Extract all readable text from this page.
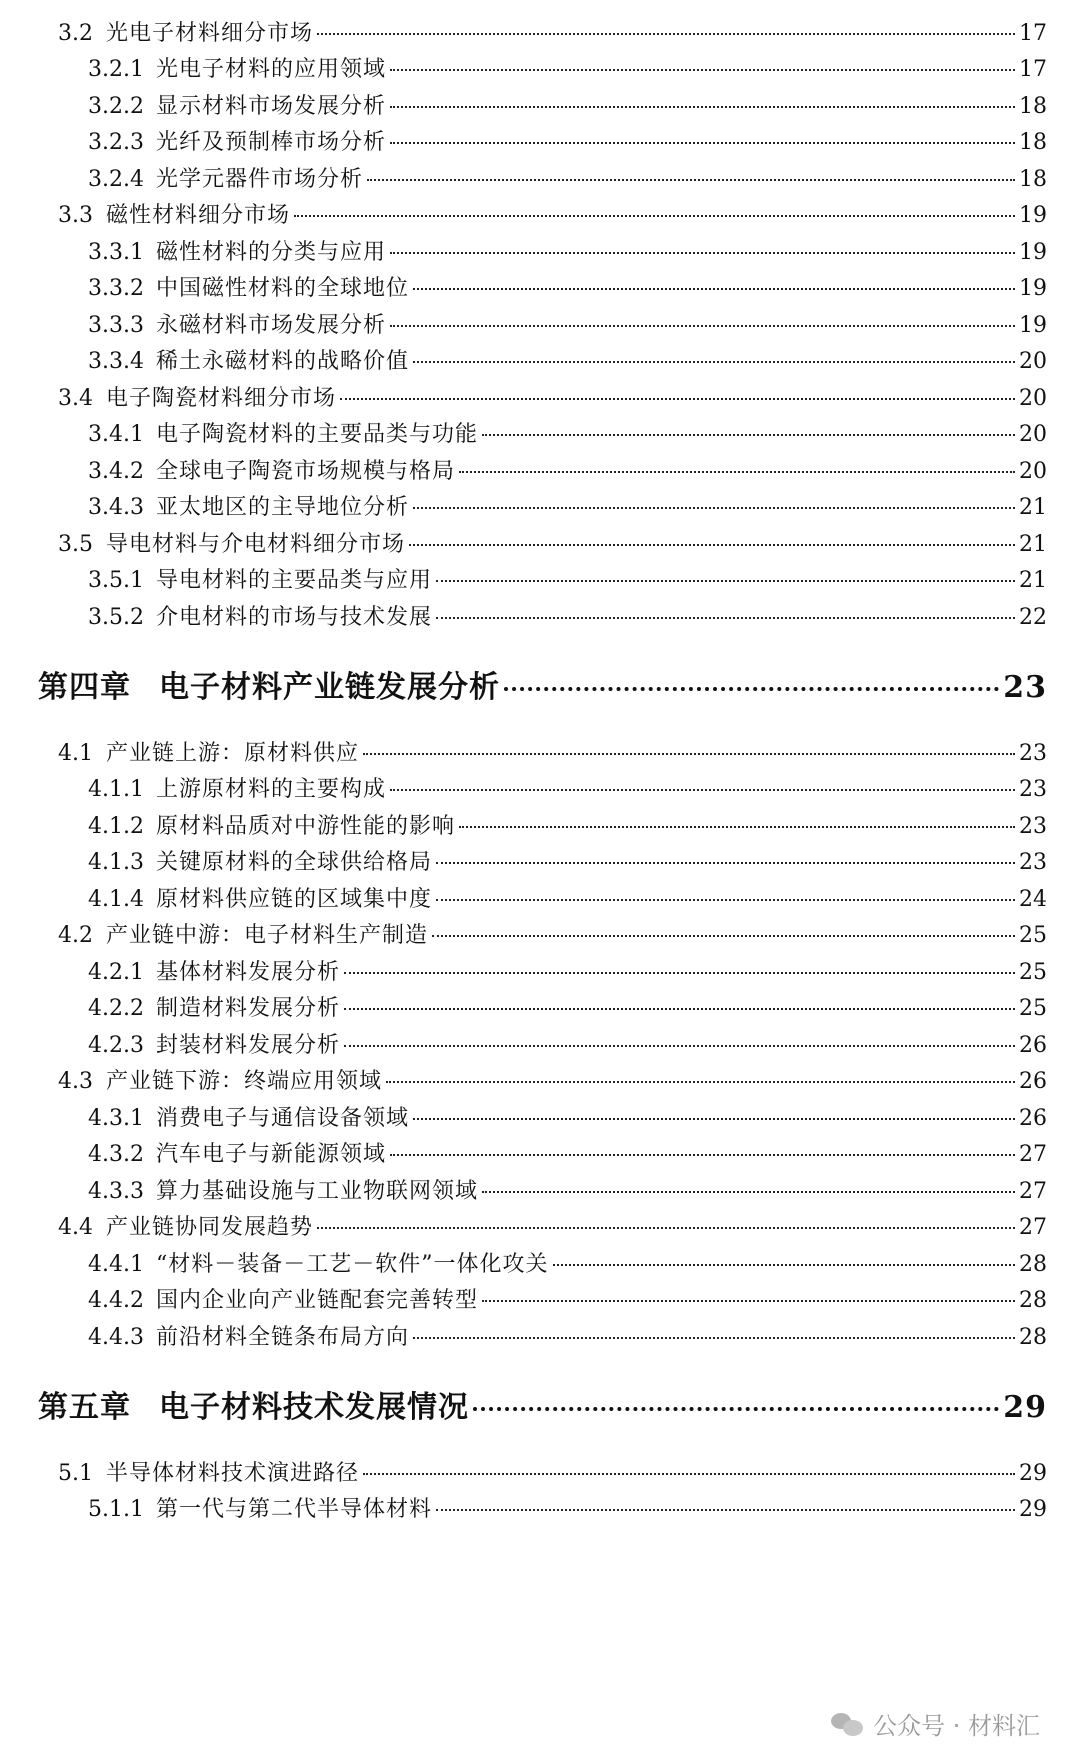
3.2 光电子材料细分市场	17
3.2.1 光电子材料的应用领域	17
3.2.2 显示材料市场发展分析	18
3.2.3 光纤及预制棒市场分析	18
3.2.4 光学元器件市场分析	18
3.3 磁性材料细分市场	19
3.3.1 磁性材料的分类与应用	19
3.3.2 中国磁性材料的全球地位	19
3.3.3 永磁材料市场发展分析	19
3.3.4 稀土永磁材料的战略价值	20
3.4 电子陶瓷材料细分市场	20
3.4.1 电子陶瓷材料的主要品类与功能	20
3.4.2 全球电子陶瓷市场规模与格局	20
3.4.3 亚太地区的主导地位分析	21
3.5 导电材料与介电材料细分市场	21
3.5.1 导电材料的主要品类与应用	21
3.5.2 介电材料的市场与技术发展	22
第四章 电子材料产业链发展分析	23
4.1 产业链上游：原材料供应	23
4.1.1 上游原材料的主要构成	23
4.1.2 原材料品质对中游性能的影响	23
4.1.3 关键原材料的全球供给格局	23
4.1.4 原材料供应链的区域集中度	24
4.2 产业链中游：电子材料生产制造	25
4.2.1 基体材料发展分析	25
4.2.2 制造材料发展分析	25
4.2.3 封装材料发展分析	26
4.3 产业链下游：终端应用领域	26
4.3.1 消费电子与通信设备领域	26
4.3.2 汽车电子与新能源领域	27
4.3.3 算力基础设施与工业物联网领域	27
4.4 产业链协同发展趋势	27
4.4.1 “材料－装备－工艺－软件”一体化攻关	28
4.4.2 国内企业向产业链配套完善转型	28
4.4.3 前沿材料全链条布局方向	28
第五章 电子材料技术发展情况	29
5.1 半导体材料技术演进路径	29
5.1.1 第一代与第二代半导体材料	29
公众号 · 材料汇
